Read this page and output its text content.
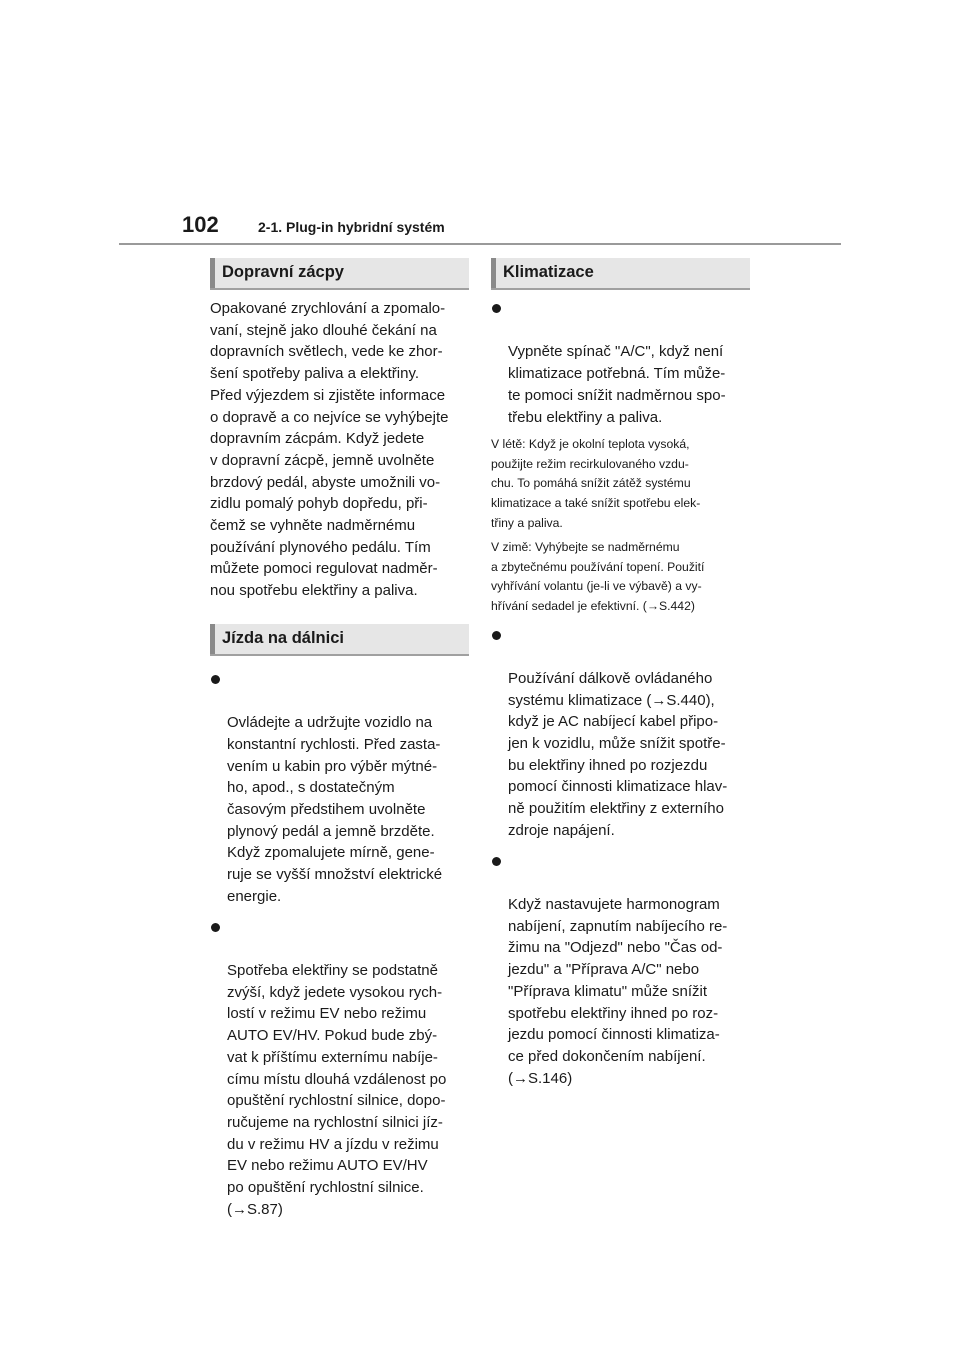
102	2-1. Plug-in hybridní systém
Dopravní zácpy

Opakované zrychlování a zpomalo-
vaní, stejně jako dlouhé čekání na
dopravních světlech, vede ke zhor-
šení spotřeby paliva a elektřiny.
Před výjezdem si zjistěte informace
o dopravě a co nejvíce se vyhýbejte
dopravním zácpám. Když jedete
v dopravní zácpě, jemně uvolněte
brzdový pedál, abyste umožnili vo-
zidlu pomalý pohyb dopředu, při-
čemž se vyhněte nadměrnému
používání plynového pedálu. Tím
můžete pomoci regulovat nadměr-
nou spotřebu elektřiny a paliva.

Jízda na dálnici

Ovládejte a udržujte vozidlo na
konstantní rychlosti. Před zasta-
vením u kabin pro výběr mýtné-
ho, apod., s dostatečným
časovým předstihem uvolněte
plynový pedál a jemně brzděte.
Když zpomalujete mírně, gene-
ruje se vyšší množství elektrické
energie.

Spotřeba elektřiny se podstatně
zvýší, když jedete vysokou rych-
lostí v režimu EV nebo režimu
AUTO EV/HV. Pokud bude zbý-
vat k příštímu externímu nabíje-
címu místu dlouhá vzdálenost po
opuštění rychlostní silnice, dopo-
ručujeme na rychlostní silnici jíz-
du v režimu HV a jízdu v režimu
EV nebo režimu AUTO EV/HV
po opuštění rychlostní silnice.
(→S.87)

Klimatizace

Vypněte spínač "A/C", když není
klimatizace potřebná. Tím může-
te pomoci snížit nadměrnou spo-
třebu elektřiny a paliva.

V létě: Když je okolní teplota vysoká,
použijte režim recirkulovaného vzdu-
chu. To pomáhá snížit zátěž systému
klimatizace a také snížit spotřebu elek-
třiny a paliva.

V zimě: Vyhýbejte se nadměrnému
a zbytečnému používání topení. Použití
vyhřívání volantu (je-li ve výbavě) a vy-
hřívání sedadel je efektivní. (→S.442)

Používání dálkově ovládaného
systému klimatizace (→S.440),
když je AC nabíjecí kabel připo-
jen k vozidlu, může snížit spotře-
bu elektřiny ihned po rozjezdu
pomocí činnosti klimatizace hlav-
ně použitím elektřiny z externího
zdroje napájení.

Když nastavujete harmonogram
nabíjení, zapnutím nabíjecího re-
žimu na "Odjezd" nebo "Čas od-
jezdu" a "Příprava A/C" nebo
"Příprava klimatu" může snížit
spotřebu elektřiny ihned po roz-
jezdu pomocí činnosti klimatiza-
ce před dokončením nabíjení.
(→S.146)
